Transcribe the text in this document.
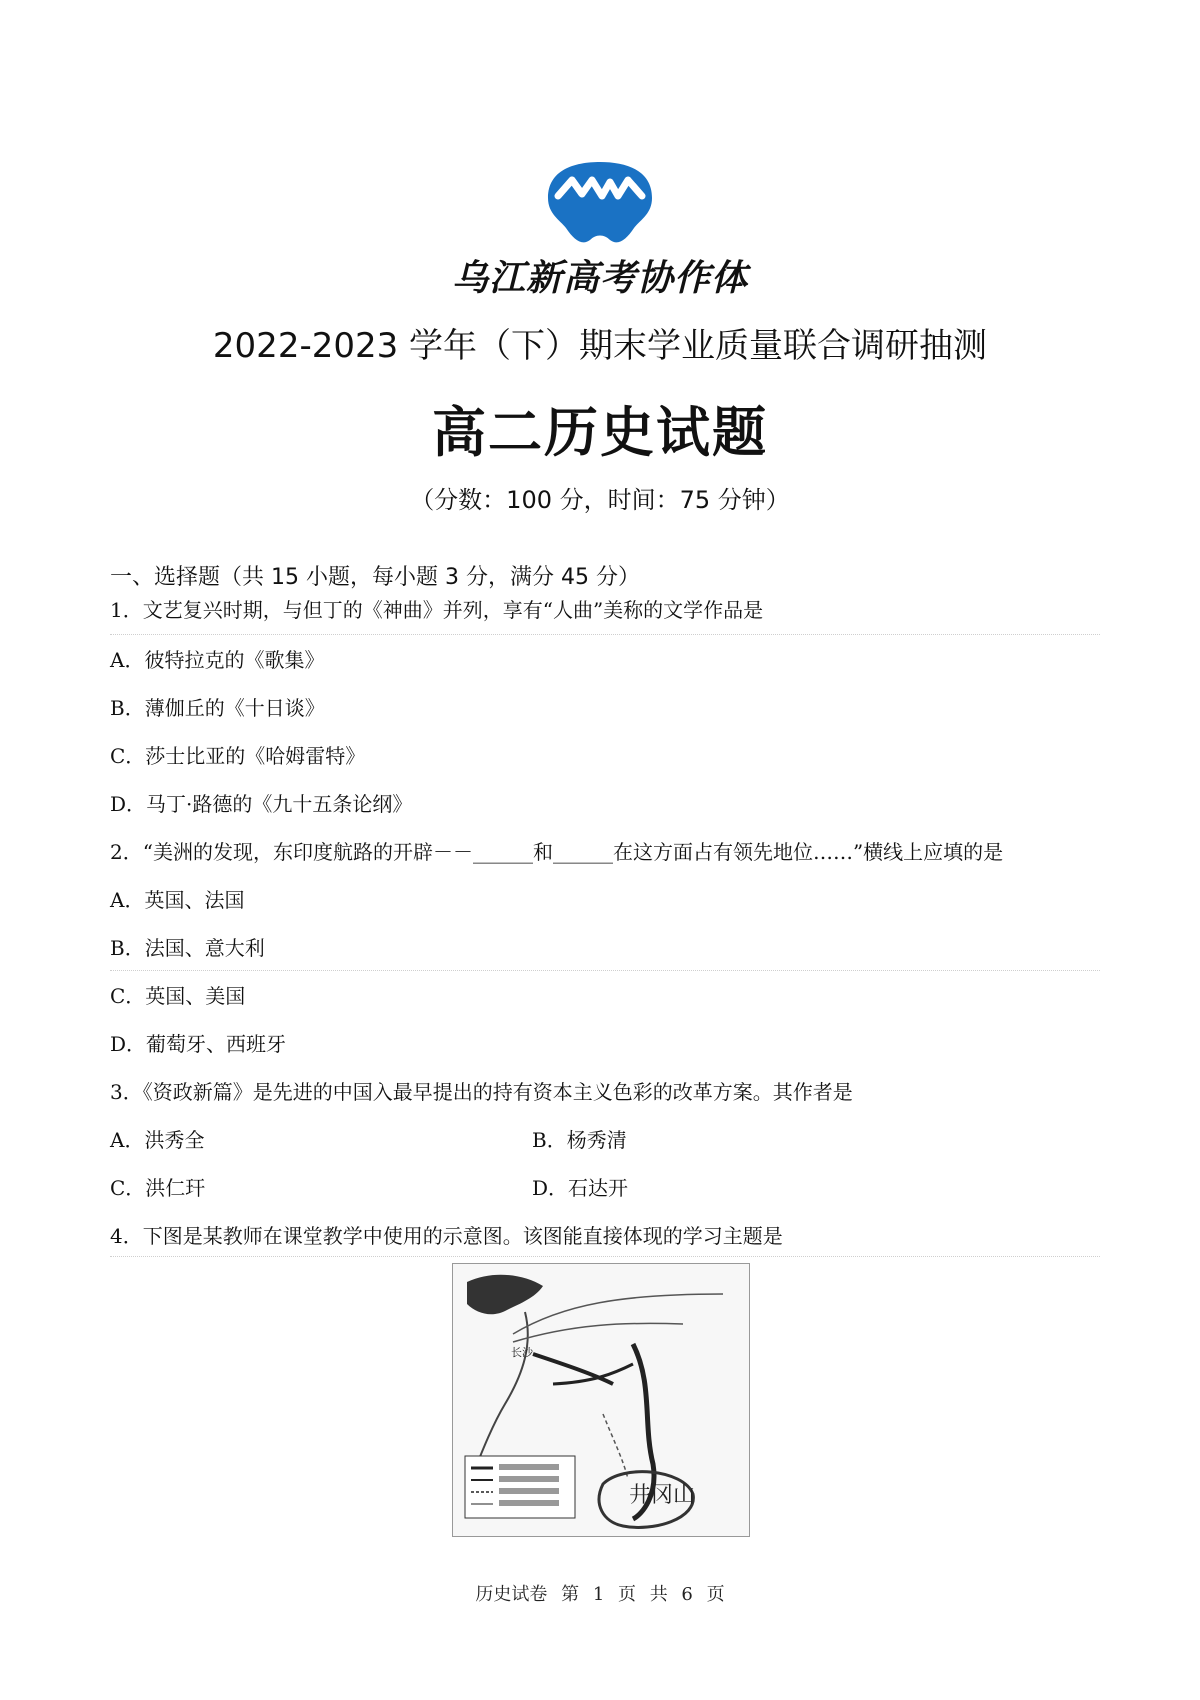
乌江新高考协作体
2022-2023 学年（下）期末学业质量联合调研抽测
高二历史试题
（分数：100 分，时间：75 分钟）
一、选择题（共 15 小题，每小题 3 分，满分 45 分）
1．文艺复兴时期，与但丁的《神曲》并列，享有“人曲”美称的文学作品是
A．彼特拉克的《歌集》
B．薄伽丘的《十日谈》
C．莎士比亚的《哈姆雷特》
D．马丁·路德的《九十五条论纲》
2．“美洲的发现，东印度航路的开辟－－______和______在这方面占有领先地位……”横线上应填的是
A．英国、法国
B．法国、意大利
C．英国、美国
D．葡萄牙、西班牙
3．《资政新篇》是先进的中国入最早提出的持有资本主义色彩的改革方案。其作者是
A．洪秀全	B．杨秀清
C．洪仁玕	D．石达开
4．下图是某教师在课堂教学中使用的示意图。该图能直接体现的学习主题是
长沙
井冈山
历史试卷 第 1 页 共 6 页
